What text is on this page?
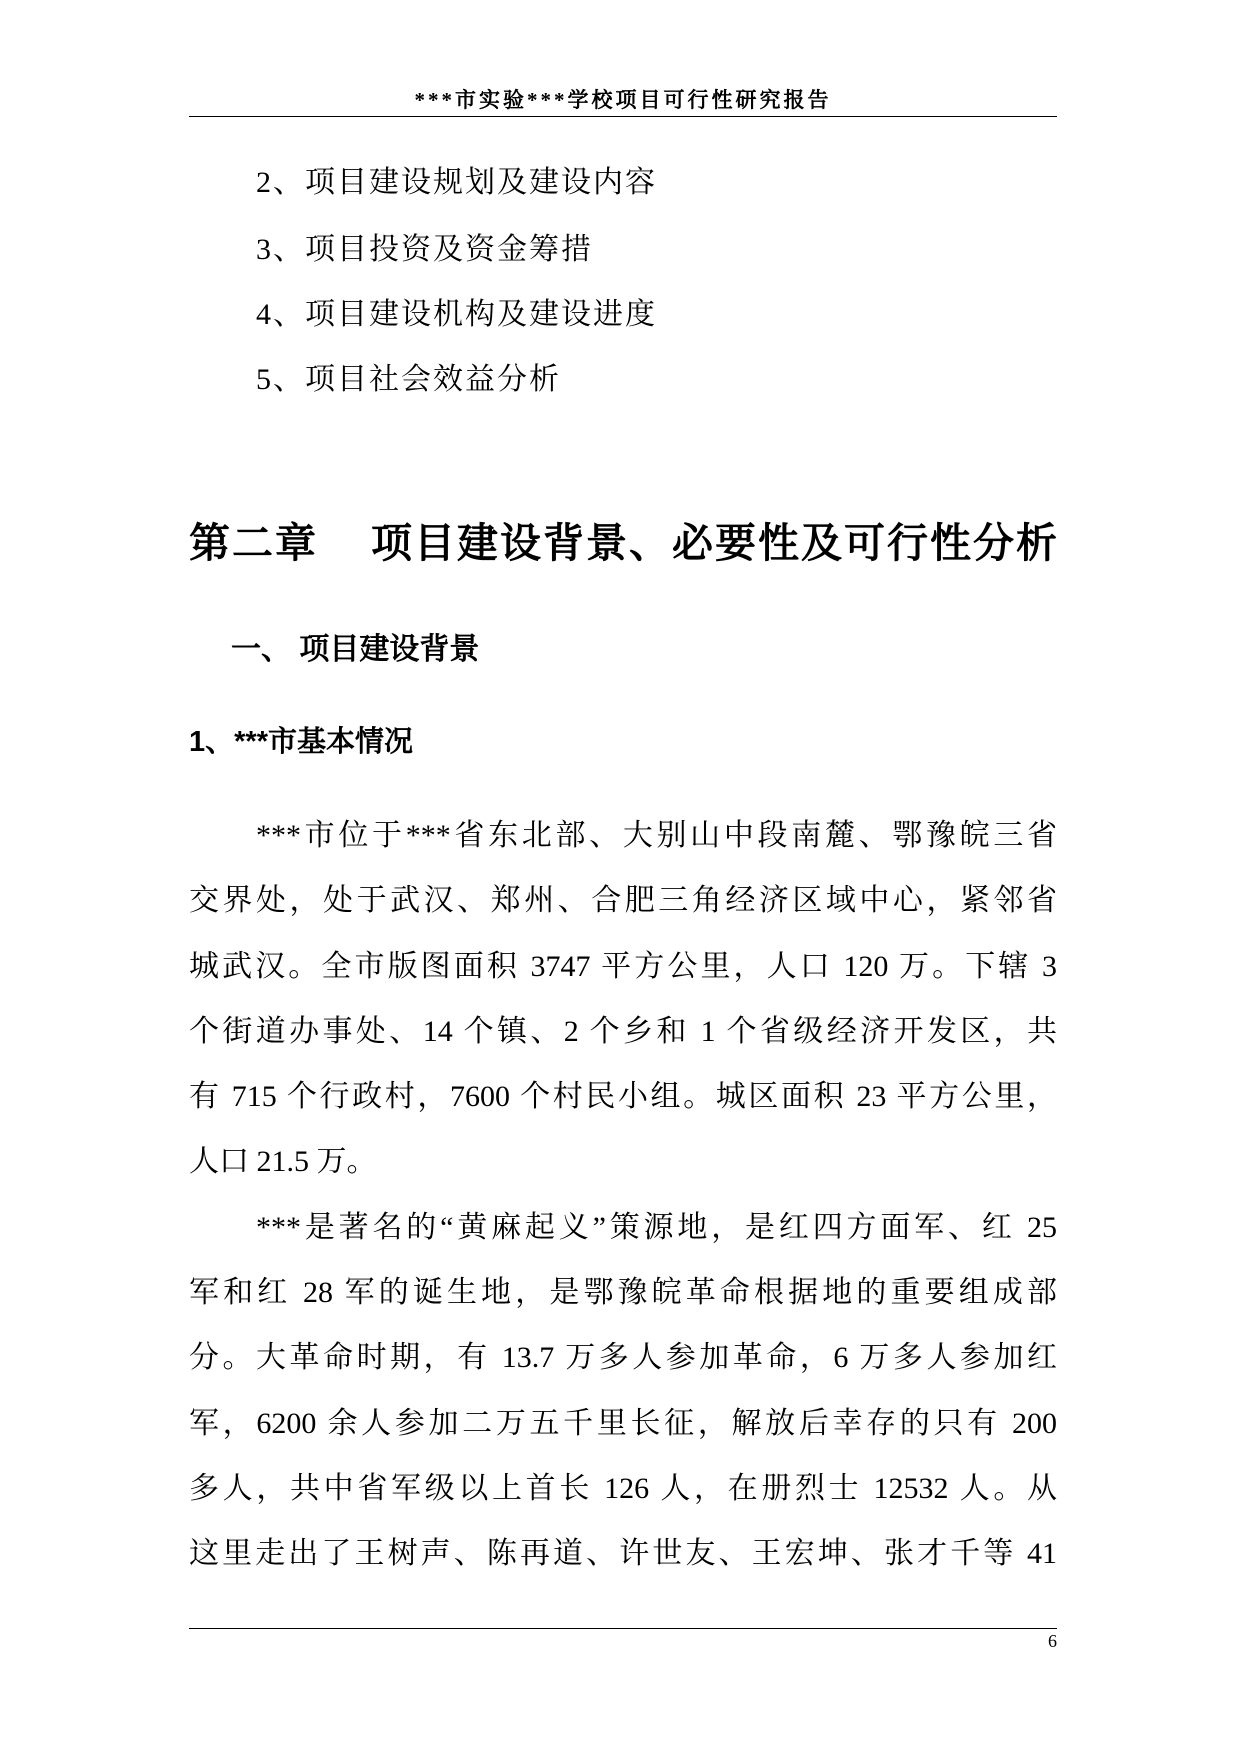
***市实验***学校项目可行性研究报告
2、项目建设规划及建设内容
3、项目投资及资金筹措
4、项目建设机构及建设进度
5、项目社会效益分析
第二章 项目建设背景、必要性及可行性分析
一、 项目建设背景
1、***市基本情况
***市位于***省东北部、大别山中段南麓、鄂豫皖三省
交界处，处于武汉、郑州、合肥三角经济区域中心，紧邻省
城武汉。全市版图面积 3747 平方公里，人口 120 万。下辖 3
个街道办事处、14 个镇、2 个乡和 1 个省级经济开发区，共
有 715 个行政村，7600 个村民小组。城区面积 23 平方公里，
人口 21.5 万。
***是著名的“黄麻起义”策源地，是红四方面军、红 25
军和红 28 军的诞生地，是鄂豫皖革命根据地的重要组成部
分。大革命时期，有 13.7 万多人参加革命，6 万多人参加红
军，6200 余人参加二万五千里长征，解放后幸存的只有 200
多人，共中省军级以上首长 126 人，在册烈士 12532 人。从
这里走出了王树声、陈再道、许世友、王宏坤、张才千等 41
6
